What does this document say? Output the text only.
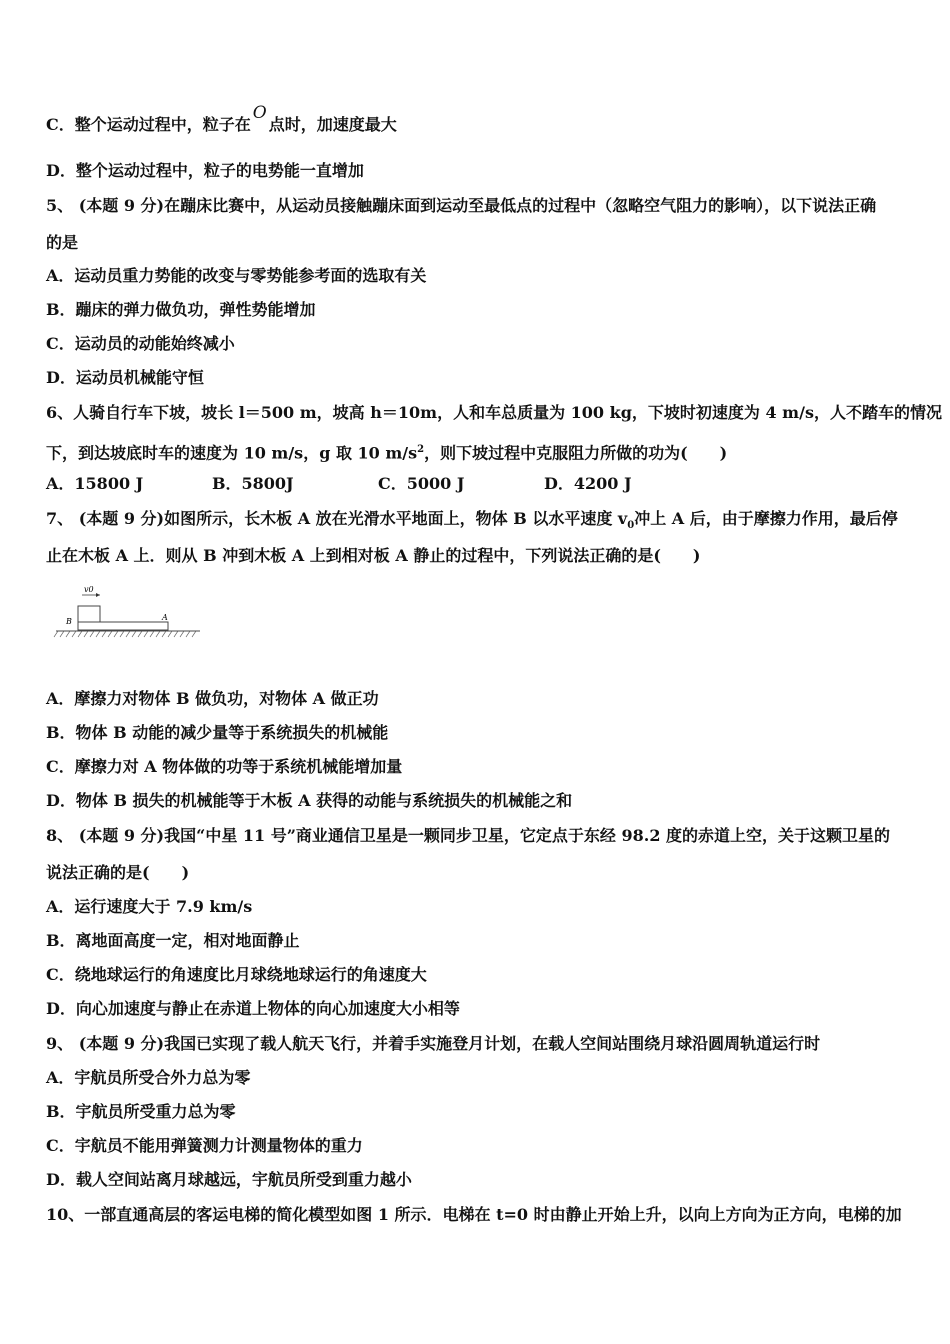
C．整个运动过程中，粒子在O点时，加速度最大
D．整个运动过程中，粒子的电势能一直增加
5、 (本题 9 分)在蹦床比赛中，从运动员接触蹦床面到运动至最低点的过程中（忽略空气阻力的影响），以下说法正确
的是
A．运动员重力势能的改变与零势能参考面的选取有关
B．蹦床的弹力做负功，弹性势能增加
C．运动员的动能始终减小
D．运动员机械能守恒
6、人骑自行车下坡，坡长 l＝500 m，坡高 h＝10m，人和车总质量为 100 kg，下坡时初速度为 4 m/s，人不踏车的情况
下，到达坡底时车的速度为 10 m/s，g 取 10 $m/s^2$，则下坡过程中克服阻力所做的功为(　　)
A．15800 J	B．5800J	C．5000 J	D．4200 J
7、 (本题 9 分)如图所示，长木板 A 放在光滑水平地面上，物体 B 以水平速度 $v_0$冲上 A 后，由于摩擦力作用，最后停
止在木板 A 上．则从 B 冲到木板 A 上到相对板 A 静止的过程中，下列说法正确的是(　　)
v0
B	A
A．摩擦力对物体 B 做负功，对物体 A 做正功
B．物体 B 动能的减少量等于系统损失的机械能
C．摩擦力对 A 物体做的功等于系统机械能增加量
D．物体 B 损失的机械能等于木板 A 获得的动能与系统损失的机械能之和
8、 (本题 9 分)我国“中星 11 号”商业通信卫星是一颗同步卫星，它定点于东经 98.2 度的赤道上空，关于这颗卫星的
说法正确的是(　　)
A．运行速度大于 7.9 km/s
B．离地面高度一定，相对地面静止
C．绕地球运行的角速度比月球绕地球运行的角速度大
D．向心加速度与静止在赤道上物体的向心加速度大小相等
9、 (本题 9 分)我国已实现了载人航天飞行，并着手实施登月计划，在载人空间站围绕月球沿圆周轨道运行时
A．宇航员所受合外力总为零
B．宇航员所受重力总为零
C．宇航员不能用弹簧测力计测量物体的重力
D．载人空间站离月球越远，宇航员所受到重力越小
10、一部直通高层的客运电梯的简化模型如图 1 所示．电梯在 t=0 时由静止开始上升，以向上方向为正方向，电梯的加
